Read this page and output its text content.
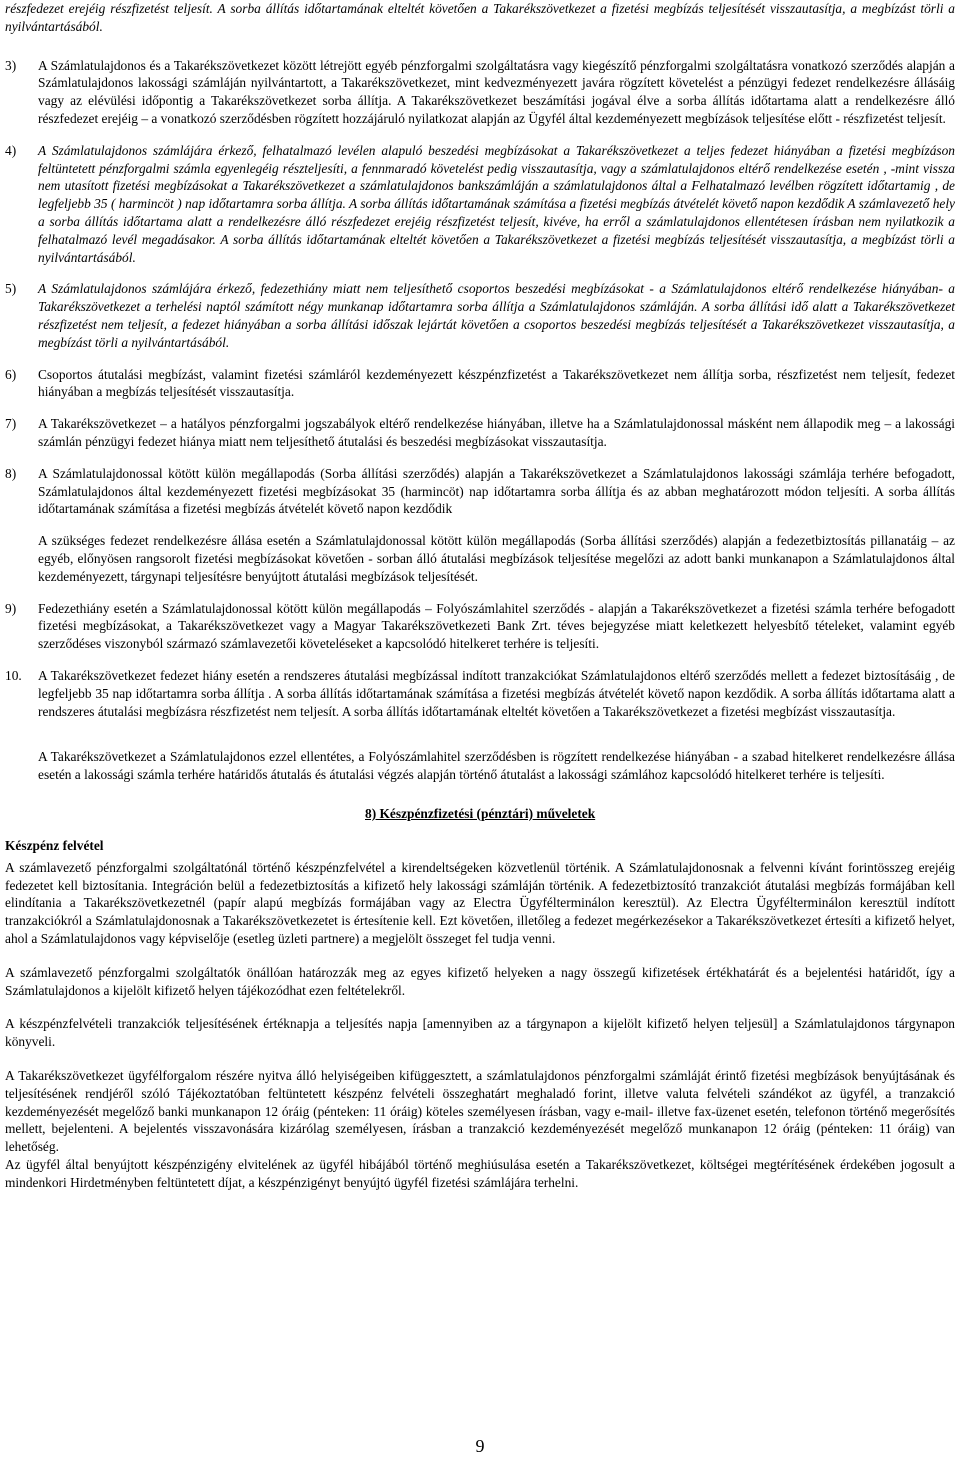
részfedezet erejéig részfizetést teljesít. A sorba állítás időtartamának elteltét követően a Takarékszövetkezet a fizetési megbízás teljesítését visszautasítja, a megbízást törli a nyilvántartásából.

3)	A Számlatulajdonos és a Takarékszövetkezet között létrejött egyéb pénzforgalmi szolgáltatásra vagy kiegészítő pénzforgalmi szolgáltatásra vonatkozó szerződés alapján a Számlatulajdonos lakossági számláján nyilvántartott, a Takarékszövetkezet, mint kedvezményezett javára rögzített követelést a pénzügyi fedezet rendelkezésre állásáig vagy az elévülési időpontig a Takarékszövetkezet sorba állítja. A Takarékszövetkezet beszámítási jogával élve a sorba állítás időtartama alatt a rendelkezésre álló részfedezet erejéig – a vonatkozó szerződésben rögzített hozzájáruló nyilatkozat alapján az Ügyfél által kezdeményezett megbízások teljesítése előtt - részfizetést teljesít.
4)	A Számlatulajdonos számlájára érkező, felhatalmazó levélen alapuló beszedési megbízásokat a Takarékszövetkezet a teljes fedezet hiányában a fizetési megbízáson feltüntetett pénzforgalmi számla egyenlegéig részteljesíti, a fennmaradó követelést pedig visszautasítja, vagy a számlatulajdonos eltérő rendelkezése esetén , -mint vissza nem utasított fizetési megbízásokat a Takarékszövetkezet a számlatulajdonos bankszámláján a számlatulajdonos által a Felhatalmazó levélben rögzített időtartamig , de legfeljebb 35 ( harmincöt ) nap időtartamra sorba állítja. A sorba állítás időtartamának számítása a fizetési megbízás átvételét követő napon kezdődik A számlavezető hely a sorba állítás időtartama alatt a rendelkezésre álló részfedezet erejéig részfizetést teljesít, kivéve, ha erről a számlatulajdonos ellentétesen írásban nem nyilatkozik a felhatalmazó levél megadásakor. A sorba állítás időtartamának elteltét követően a Takarékszövetkezet a fizetési megbízás teljesítését visszautasítja, a megbízást törli a nyilvántartásából.
5)	A Számlatulajdonos számlájára érkező, fedezethiány miatt nem teljesíthető csoportos beszedési megbízásokat - a Számlatulajdonos eltérő rendelkezése hiányában- a Takarékszövetkezet a terhelési naptól számított négy munkanap időtartamra sorba állítja a Számlatulajdonos számláján. A sorba állítási idő alatt a Takarékszövetkezet részfizetést nem teljesít, a fedezet hiányában a sorba állítási időszak lejártát követően a csoportos beszedési megbízás teljesítését a Takarékszövetkezet visszautasítja, a megbízást törli a nyilvántartásából.
6)	Csoportos átutalási megbízást, valamint fizetési számláról kezdeményezett készpénzfizetést a Takarékszövetkezet nem állítja sorba, részfizetést nem teljesít, fedezet hiányában a megbízás teljesítését visszautasítja.
7)	A Takarékszövetkezet – a hatályos pénzforgalmi jogszabályok eltérő rendelkezése hiányában, illetve ha a Számlatulajdonossal másként nem állapodik meg – a lakossági számlán pénzügyi fedezet hiánya miatt nem teljesíthető átutalási és beszedési megbízásokat visszautasítja.
8)	A Számlatulajdonossal kötött külön megállapodás (Sorba állítási szerződés) alapján a Takarékszövetkezet a Számlatulajdonos lakossági számlája terhére befogadott, Számlatulajdonos által kezdeményezett fizetési megbízásokat 35 (harmincöt) nap időtartamra sorba állítja és az abban meghatározott módon teljesíti. A sorba állítás időtartamának számítása a fizetési megbízás átvételét követő napon kezdődik

A szükséges fedezet rendelkezésre állása esetén a Számlatulajdonossal kötött külön megállapodás (Sorba állítási szerződés) alapján a fedezetbiztosítás pillanatáig – az egyéb, előnyösen rangsorolt fizetési megbízásokat követően - sorban álló átutalási megbízások teljesítése megelőzi az adott banki munkanapon a Számlatulajdonos által kezdeményezett, tárgynapi teljesítésre benyújtott átutalási megbízások teljesítését.

9)	Fedezethiány esetén a Számlatulajdonossal kötött külön megállapodás – Folyószámlahitel szerződés - alapján a Takarékszövetkezet a fizetési számla terhére befogadott fizetési megbízásokat, a Takarékszövetkezet vagy a Magyar Takarékszövetkezeti Bank Zrt. téves bejegyzése miatt keletkezett helyesbítő tételeket, valamint egyéb szerződéses viszonyból származó számlavezetői követeléseket a kapcsolódó hitelkeret terhére is teljesíti.
10.	A Takarékszövetkezet fedezet hiány esetén a rendszeres átutalási megbízással indított tranzakciókat Számlatulajdonos eltérő szerződés mellett a fedezet biztosításáig , de legfeljebb 35 nap időtartamra sorba állítja . A sorba állítás időtartamának számítása a fizetési megbízás átvételét követő napon kezdődik. A sorba állítás időtartama alatt a rendszeres átutalási megbízásra részfizetést nem teljesít. A sorba állítás időtartamának elteltét követően a Takarékszövetkezet a fizetési megbízást visszautasítja.

A Takarékszövetkezet a Számlatulajdonos ezzel ellentétes, a Folyószámlahitel szerződésben is rögzített rendelkezése hiányában - a szabad hitelkeret rendelkezésre állása esetén a lakossági számla terhére határidős átutalás és átutalási végzés alapján történő átutalást a lakossági számlához kapcsolódó hitelkeret terhére is teljesíti.

8) Készpénzfizetési (pénztári) műveletek
Készpénz felvétel

A számlavezető pénzforgalmi szolgáltatónál történő készpénzfelvétel a kirendeltségeken közvetlenül történik. A Számlatulajdonosnak a felvenni kívánt forintösszeg erejéig fedezetet kell biztosítania. Integráción belül a fedezetbiztosítás a kifizető hely lakossági számláján történik. A fedezetbiztosító tranzakciót átutalási megbízás formájában kell elindítania a Takarékszövetkezetnél (papír alapú megbízás formájában vagy az Electra Ügyfélterminálon keresztül). Az Electra Ügyfélterminálon keresztül indított tranzakciókról a Számlatulajdonosnak a Takarékszövetkezetet is értesítenie kell. Ezt követően, illetőleg a fedezet megérkezésekor a Takarékszövetkezet értesíti a kifizető helyet, ahol a Számlatulajdonos vagy képviselője (esetleg üzleti partnere) a megjelölt összeget fel tudja venni.

A számlavezető pénzforgalmi szolgáltatók önállóan határozzák meg az egyes kifizető helyeken a nagy összegű kifizetések értékhatárát és a bejelentési határidőt, így a Számlatulajdonos a kijelölt kifizető helyen tájékozódhat ezen feltételekről.

A készpénzfelvételi tranzakciók teljesítésének értéknapja a teljesítés napja [amennyiben az a tárgynapon a kijelölt kifizető helyen teljesül] a Számlatulajdonos tárgynapon könyveli.

A Takarékszövetkezet ügyfélforgalom részére nyitva álló helyiségeiben kifüggesztett, a számlatulajdonos pénzforgalmi számláját érintő fizetési megbízások benyújtásának és teljesítésének rendjéről szóló Tájékoztatóban feltüntetett készpénz felvételi összeghatárt meghaladó forint, illetve valuta felvételi szándékot az ügyfél, a tranzakció kezdeményezését megelőző banki munkanapon 12 óráig (pénteken: 11 óráig) köteles személyesen írásban, vagy e-mail- illetve fax-üzenet esetén, telefonon történő megerősítés mellett, bejelenteni. A bejelentés visszavonására kizárólag személyesen, írásban a tranzakció kezdeményezését megelőző munkanapon 12 óráig (pénteken: 11 óráig) van lehetőség.

Az ügyfél által benyújtott készpénzigény elvitelének az ügyfél hibájából történő meghiúsulása esetén a Takarékszövetkezet, költségei megtérítésének érdekében jogosult a mindenkori Hirdetményben feltüntetett díjat, a készpénzigényt benyújtó ügyfél fizetési számlájára terhelni.

9
